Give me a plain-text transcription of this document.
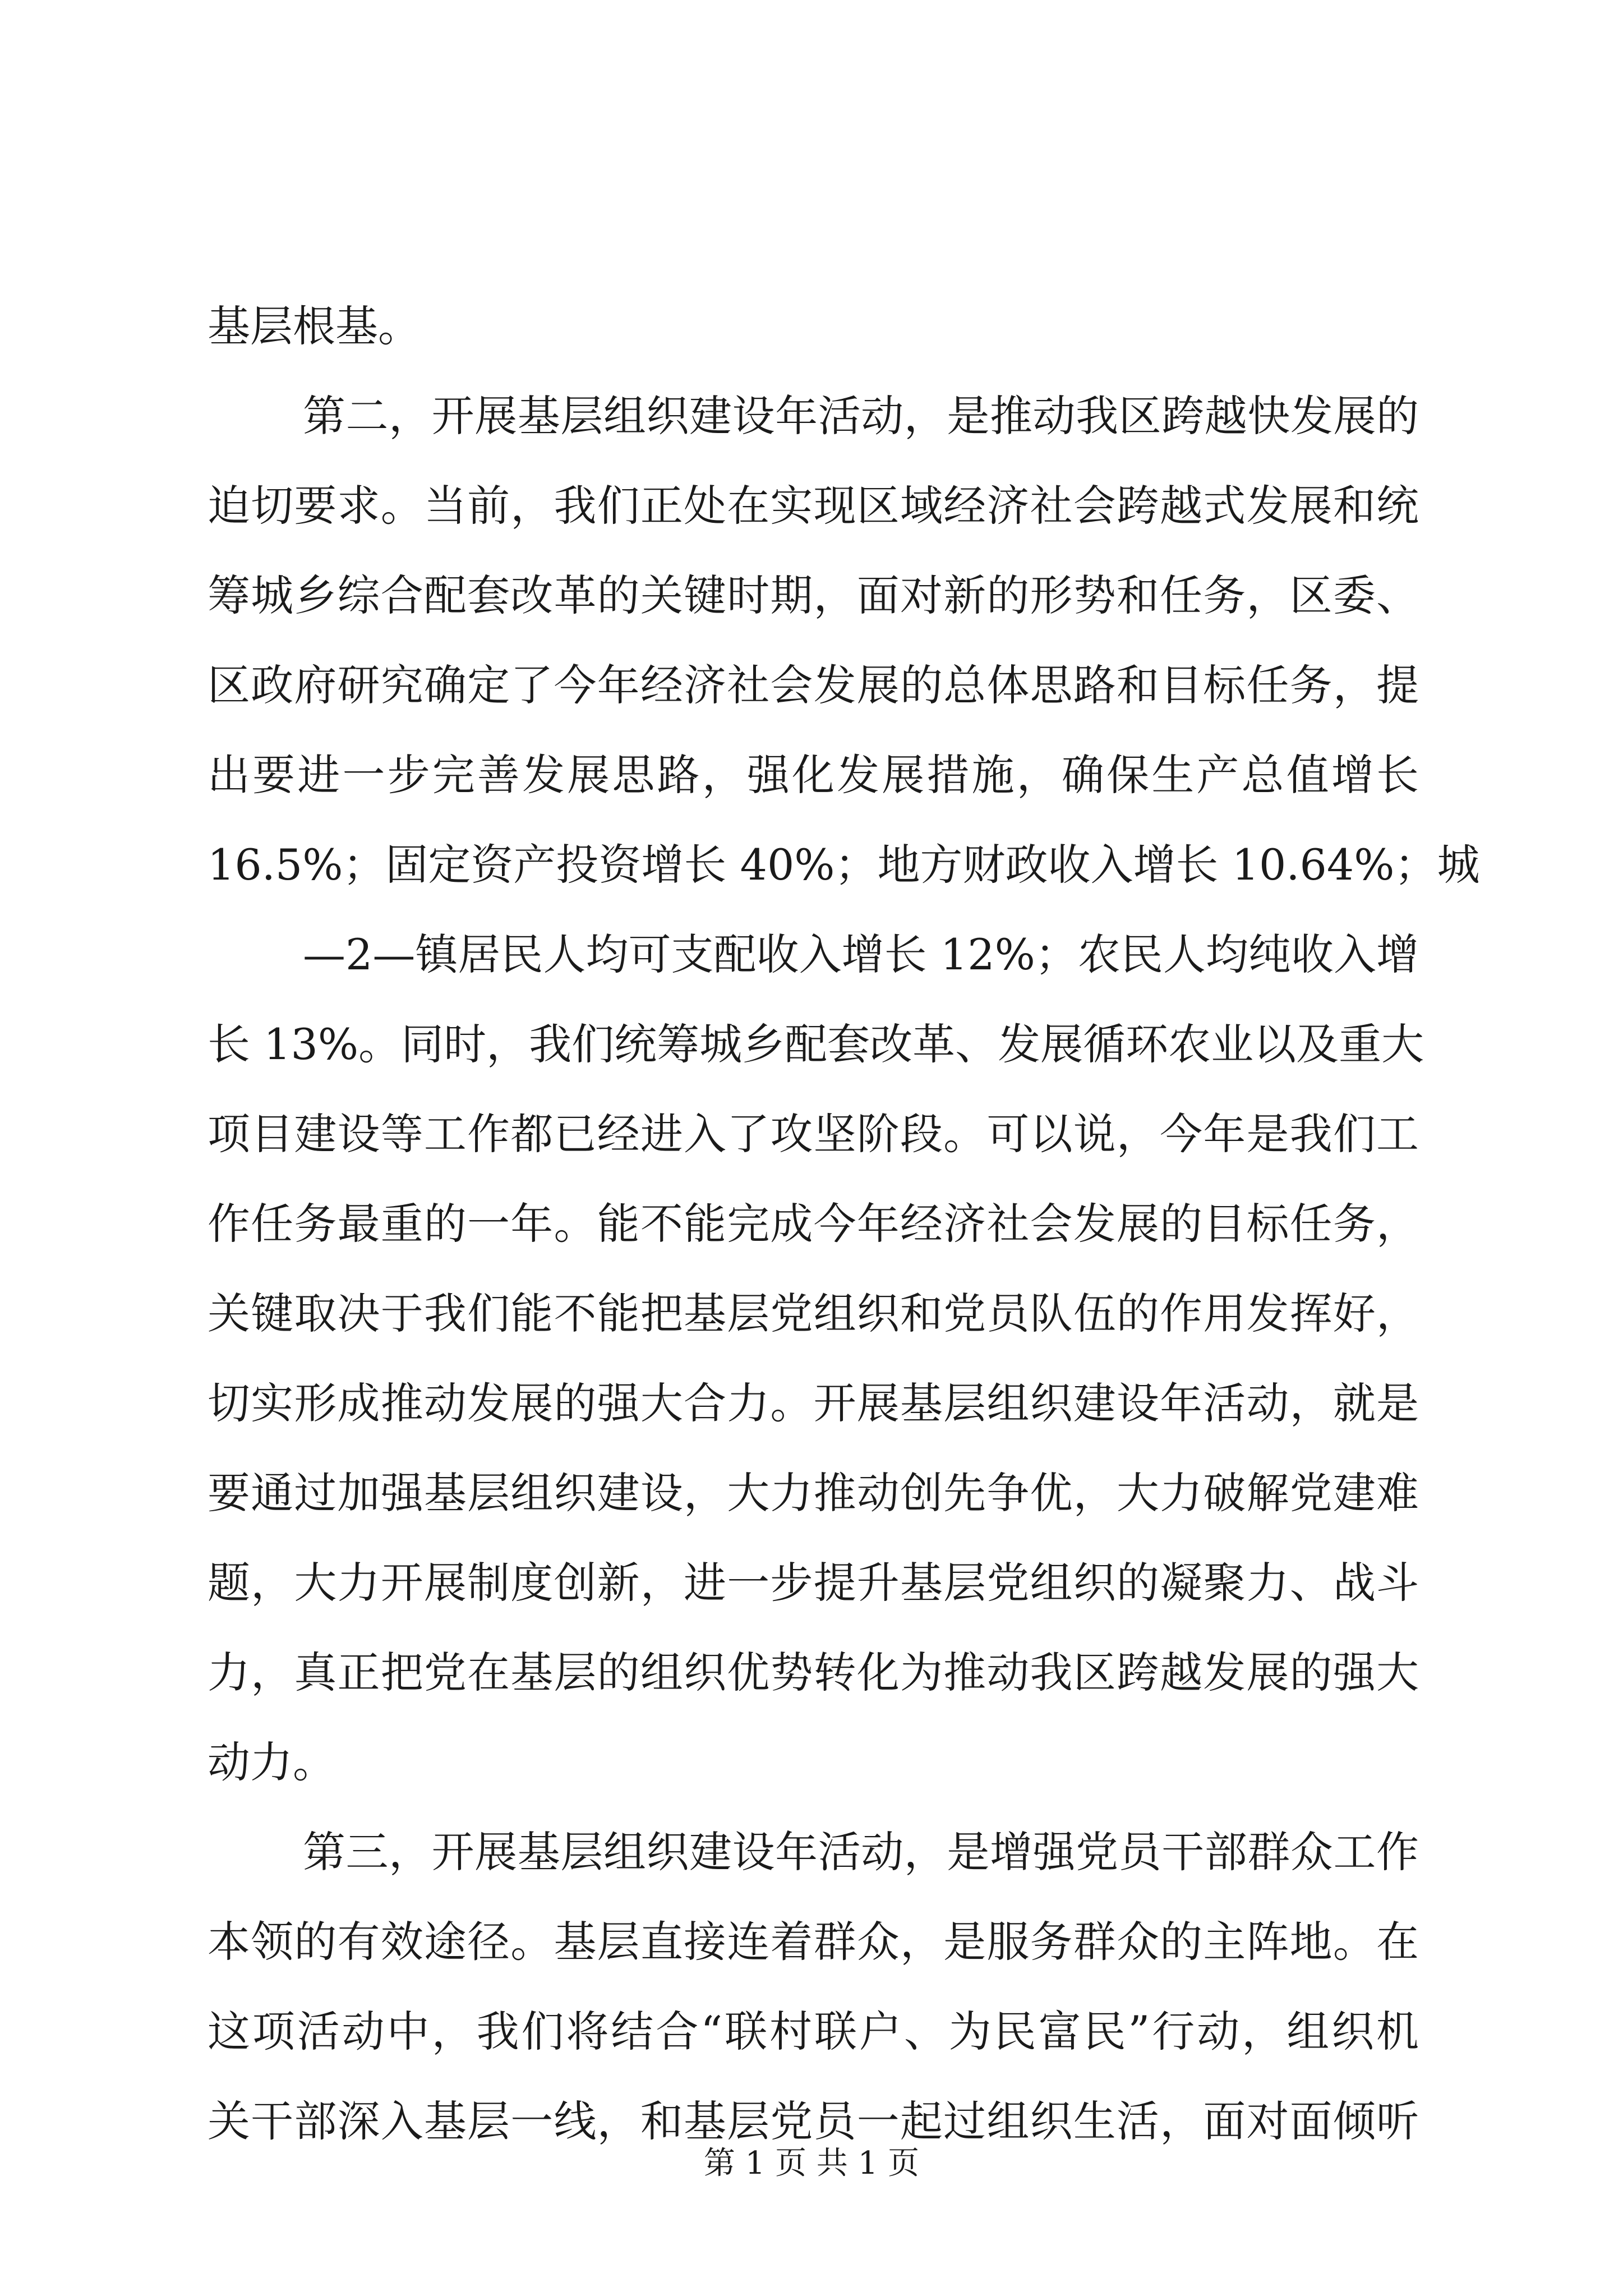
基层根基。
第二，开展基层组织建设年活动，是推动我区跨越快发展的
迫切要求。当前，我们正处在实现区域经济社会跨越式发展和统
筹城乡综合配套改革的关键时期，面对新的形势和任务，区委、
区政府研究确定了今年经济社会发展的总体思路和目标任务，提
出要进一步完善发展思路，强化发展措施，确保生产总值增长
16.5%；固定资产投资增长 40%；地方财政收入增长 10.64%；城
—2—镇居民人均可支配收入增长 12%；农民人均纯收入增
长 13%。同时，我们统筹城乡配套改革、发展循环农业以及重大
项目建设等工作都已经进入了攻坚阶段。可以说，今年是我们工
作任务最重的一年。能不能完成今年经济社会发展的目标任务，
关键取决于我们能不能把基层党组织和党员队伍的作用发挥好，
切实形成推动发展的强大合力。开展基层组织建设年活动，就是
要通过加强基层组织建设，大力推动创先争优，大力破解党建难
题，大力开展制度创新，进一步提升基层党组织的凝聚力、战斗
力，真正把党在基层的组织优势转化为推动我区跨越发展的强大
动力。
第三，开展基层组织建设年活动，是增强党员干部群众工作
本领的有效途径。基层直接连着群众，是服务群众的主阵地。在
这项活动中，我们将结合“联村联户、为民富民”行动，组织机
关干部深入基层一线，和基层党员一起过组织生活，面对面倾听
第 1 页 共 1 页
